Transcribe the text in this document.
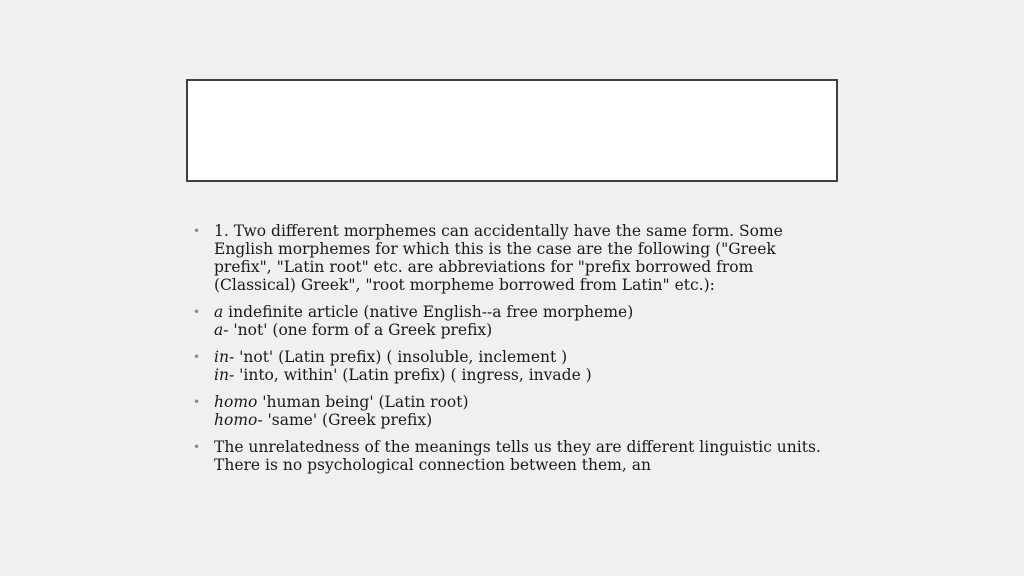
• 1. Two different morphemes can accidentally have the same form. Some
English morphemes for which this is the case are the following ("Greek
prefix", "Latin root" etc. are abbreviations for "prefix borrowed from
(Classical) Greek", "root morpheme borrowed from Latin" etc.):
• a indefinite article (native English--a free morpheme)
a- 'not' (one form of a Greek prefix)
• in- 'not' (Latin prefix) ( insoluble, inclement )
in- 'into, within' (Latin prefix) ( ingress, invade )
• homo 'human being' (Latin root)
homo- 'same' (Greek prefix)
• The unrelatedness of the meanings tells us they are different linguistic units.
There is no psychological connection between them, an
